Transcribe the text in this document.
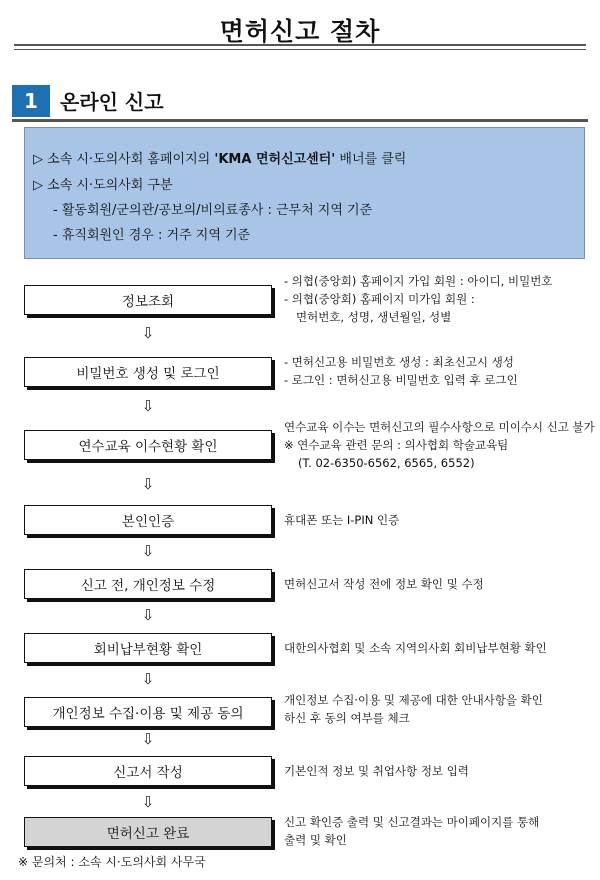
면허신고 절차
1	온라인 신고
▷ 소속 시·도의사회 홈페이지의 'KMA 면허신고센터' 배너를 클릭
▷ 소속 시·도의사회 구분
- 활동회원/군의관/공보의/비의료종사 : 근무처 지역 기준
- 휴직회원인 경우 : 거주 지역 기준
정보조회
- 의협(중앙회) 홈페이지 가입 회원 : 아이디, 비밀번호
- 의협(중앙회) 홈페이지 미가입 회원 :
면허번호, 성명, 생년월일, 성별
⇩
비밀번호 생성 및 로그인
- 면허신고용 비밀번호 생성 : 최초신고시 생성
- 로그인 : 면허신고용 비밀번호 입력 후 로그인
⇩
연수교육 이수현황 확인
연수교육 이수는 면허신고의 필수사항으로 미이수시 신고 불가
※ 연수교육 관련 문의 : 의사협회 학술교육팀
(T. 02-6350-6562, 6565, 6552)
⇩
본인인증	휴대폰 또는 I-PIN 인증
⇩
신고 전, 개인정보 수정	면허신고서 작성 전에 정보 확인 및 수정
⇩
회비납부현황 확인	대한의사협회 및 소속 지역의사회 회비납부현황 확인
⇩
개인정보 수집·이용 및 제공 동의
개인정보 수집·이용 및 제공에 대한 안내사항을 확인
하신 후 동의 여부를 체크
⇩
신고서 작성	기본인적 정보 및 취업사항 정보 입력
⇩
면허신고 완료
신고 확인증 출력 및 신고결과는 마이페이지를 통해
출력 및 확인
※ 문의처 : 소속 시·도의사회 사무국
